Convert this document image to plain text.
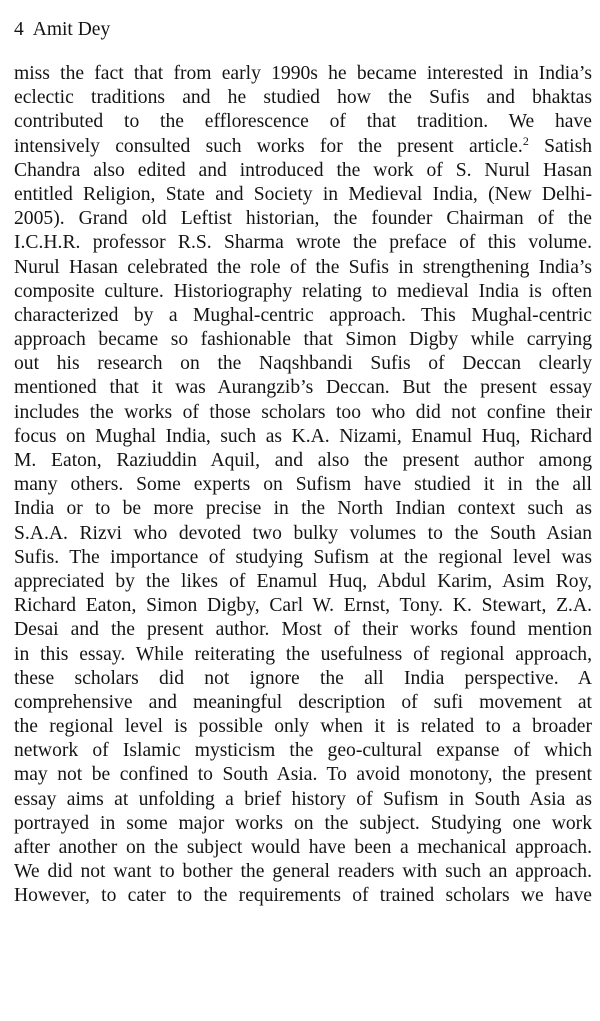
4 Amit Dey
miss the fact that from early 1990s he became interested in India’s
eclectic traditions and he studied how the Sufis and bhaktas
contributed to the efflorescence of that tradition. We have
intensively consulted such works for the present article.$^2$ Satish
Chandra also edited and introduced the work of S. Nurul Hasan
entitled Religion, State and Society in Medieval India, (New Delhi-
2005). Grand old Leftist historian, the founder Chairman of the
I.C.H.R. professor R.S. Sharma wrote the preface of this volume.
Nurul Hasan celebrated the role of the Sufis in strengthening India’s
composite culture. Historiography relating to medieval India is often
characterized by a Mughal-centric approach. This Mughal-centric
approach became so fashionable that Simon Digby while carrying
out his research on the Naqshbandi Sufis of Deccan clearly
mentioned that it was Aurangzib’s Deccan. But the present essay
includes the works of those scholars too who did not confine their
focus on Mughal India, such as K.A. Nizami, Enamul Huq, Richard
M. Eaton, Raziuddin Aquil, and also the present author among
many others. Some experts on Sufism have studied it in the all
India or to be more precise in the North Indian context such as
S.A.A. Rizvi who devoted two bulky volumes to the South Asian
Sufis. The importance of studying Sufism at the regional level was
appreciated by the likes of Enamul Huq, Abdul Karim, Asim Roy,
Richard Eaton, Simon Digby, Carl W. Ernst, Tony. K. Stewart, Z.A.
Desai and the present author. Most of their works found mention
in this essay. While reiterating the usefulness of regional approach,
these scholars did not ignore the all India perspective. A
comprehensive and meaningful description of sufi movement at
the regional level is possible only when it is related to a broader
network of Islamic mysticism the geo-cultural expanse of which
may not be confined to South Asia. To avoid monotony, the present
essay aims at unfolding a brief history of Sufism in South Asia as
portrayed in some major works on the subject. Studying one work
after another on the subject would have been a mechanical approach.
We did not want to bother the general readers with such an approach.
However, to cater to the requirements of trained scholars we have
